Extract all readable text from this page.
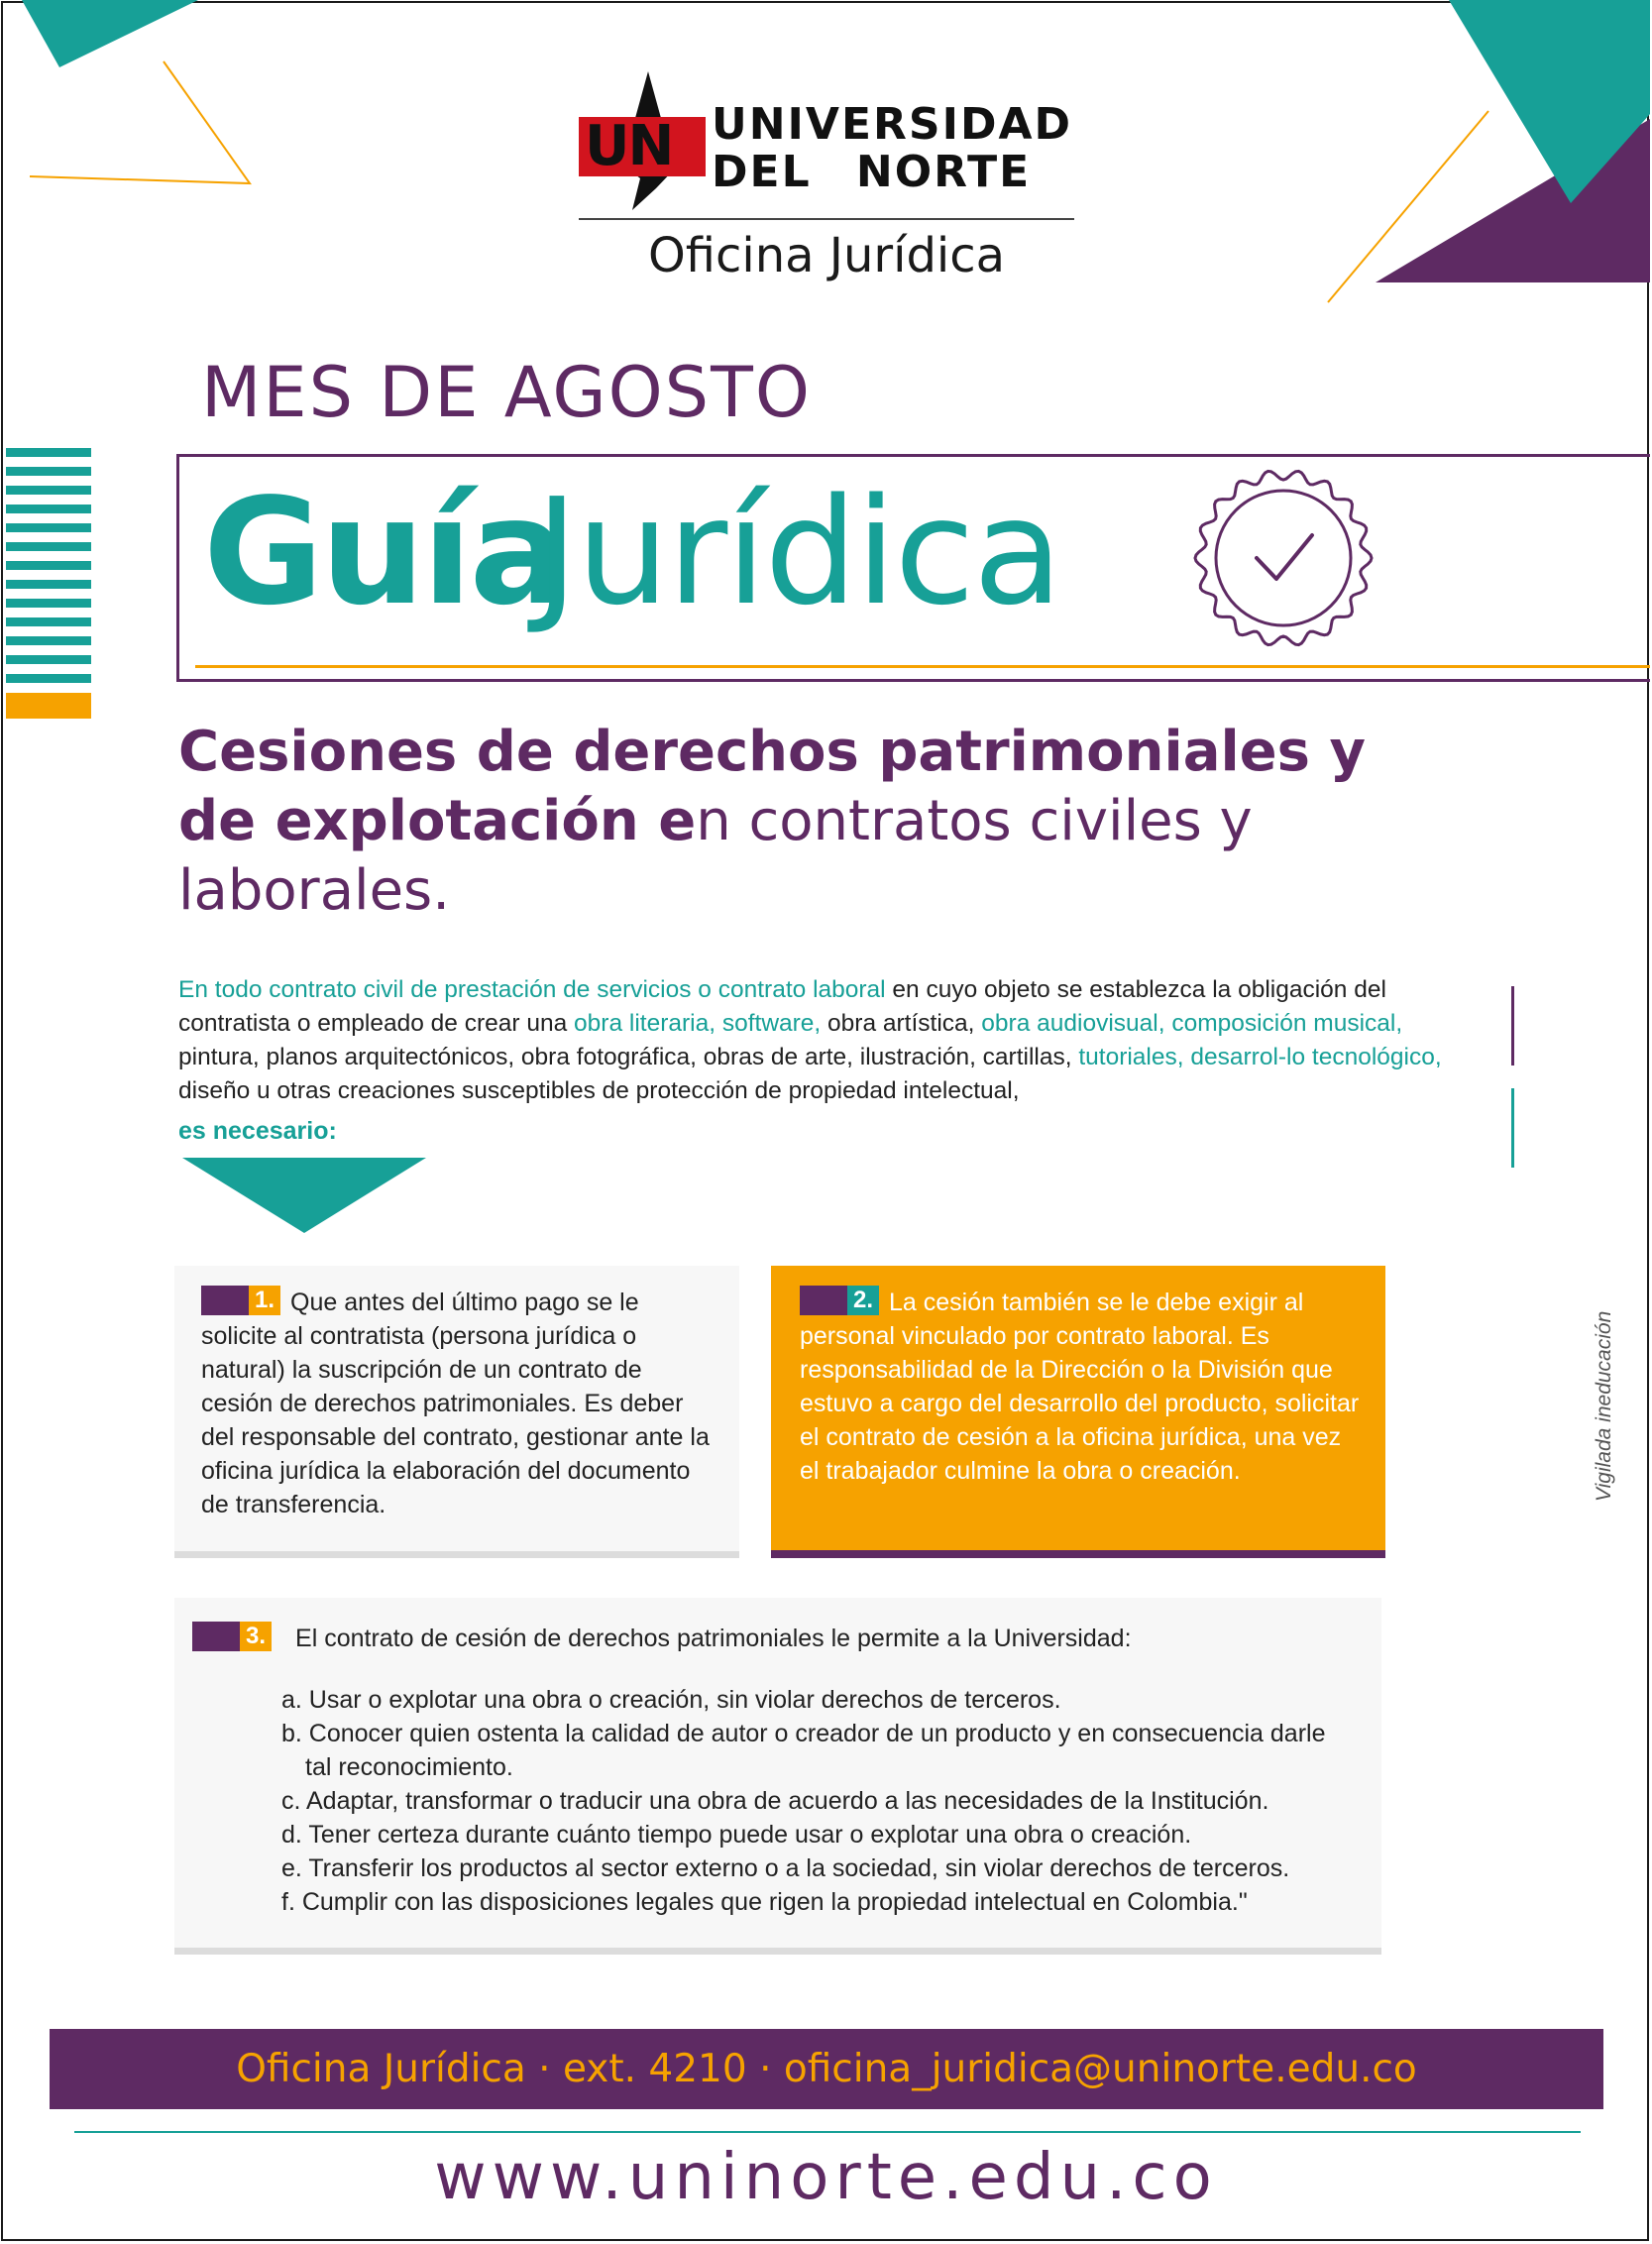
UN UNIVERSIDAD
DEL NORTE
Oficina Jurídica
MES DE AGOSTO
Guía
Jurídica
Cesiones de derechos patrimoniales y de explotación en contratos civiles y laborales.
En todo contrato civil de prestación de servicios o contrato laboral en cuyo objeto se establezca la obligación del contratista o empleado de crear una obra literaria, software, obra artística, obra audiovisual, composición musical, pintura, planos arquitectónicos, obra fotográfica, obras de arte, ilustración, cartillas, tutoriales, desarrol-lo tecnológico, diseño u otras creaciones susceptibles de protección de propiedad intelectual,
es necesario:
1. Que antes del último pago se le solicite al contratista (persona jurídica o natural) la suscripción de un contrato de cesión de derechos patrimoniales. Es deber del responsable del contrato, gestionar ante la oficina jurídica la elaboración del documento de transferencia.
2. La cesión también se le debe exigir al personal vinculado por contrato laboral. Es responsabilidad de la Dirección o la División que estuvo a cargo del desarrollo del producto, solicitar el contrato de cesión a la oficina jurídica, una vez el trabajador culmine la obra o creación.
3. El contrato de cesión de derechos patrimoniales le permite a la Universidad:
a. Usar o explotar una obra o creación, sin violar derechos de terceros.
b. Conocer quien ostenta la calidad de autor o creador de un producto y en consecuencia darle
tal reconocimiento.
c. Adaptar, transformar o traducir una obra de acuerdo a las necesidades de la Institución.
d. Tener certeza durante cuánto tiempo puede usar o explotar una obra o creación.
e. Transferir los productos al sector externo o a la sociedad, sin violar derechos de terceros.
f. Cumplir con las disposiciones legales que rigen la propiedad intelectual en Colombia."
Vigilada ineducación
Oficina Jurídica · ext. 4210 · oficina_juridica@uninorte.edu.co
www.uninorte.edu.co
